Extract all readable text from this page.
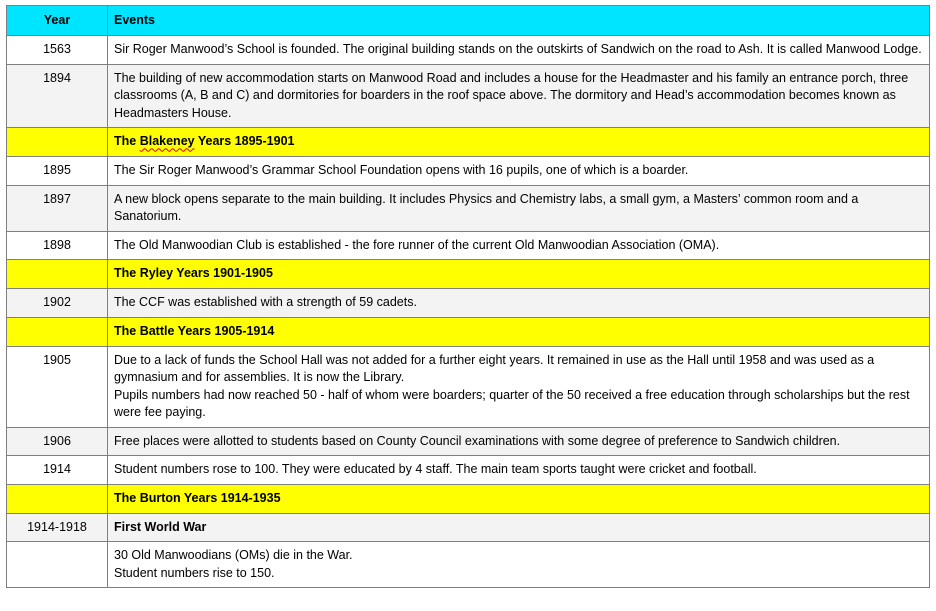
Year	Events
1563	Sir Roger Manwood’s School is founded. The original building stands on the outskirts of Sandwich on the road to Ash. It is called Manwood Lodge.

1894	The building of new accommodation starts on Manwood Road and includes a house for the Headmaster and his family an entrance porch, three classrooms (A, B and C) and dormitories for boarders in the roof space above. The dormitory and Head’s accommodation becomes known as Headmasters House.

	The Blakeney Years 1895-1901
1895	The Sir Roger Manwood’s Grammar School Foundation opens with 16 pupils, one of which is a boarder.

1897	A new block opens separate to the main building. It includes Physics and Chemistry labs, a small gym, a Masters’ common room and a Sanatorium.

1898	The Old Manwoodian Club is established - the fore runner of the current Old Manwoodian Association (OMA).

	The Ryley Years 1901-1905
1902	The CCF was established with a strength of 59 cadets.

	The Battle Years 1905-1914
1905	Due to a lack of funds the School Hall was not added for a further eight years. It remained in use as the Hall until 1958 and was used as a gymnasium and for assemblies. It is now the Library.
Pupils numbers had now reached 50 - half of whom were boarders; quarter of the 50 received a free education through scholarships but the rest were fee paying.

1906	Free places were allotted to students based on County Council examinations with some degree of preference to Sandwich children.

1914	Student numbers rose to 100. They were educated by 4 staff. The main team sports taught were cricket and football.

	The Burton Years 1914-1935
1914-1918	First World War

	30 Old Manwoodians (OMs) die in the War.
Student numbers rise to 150.
